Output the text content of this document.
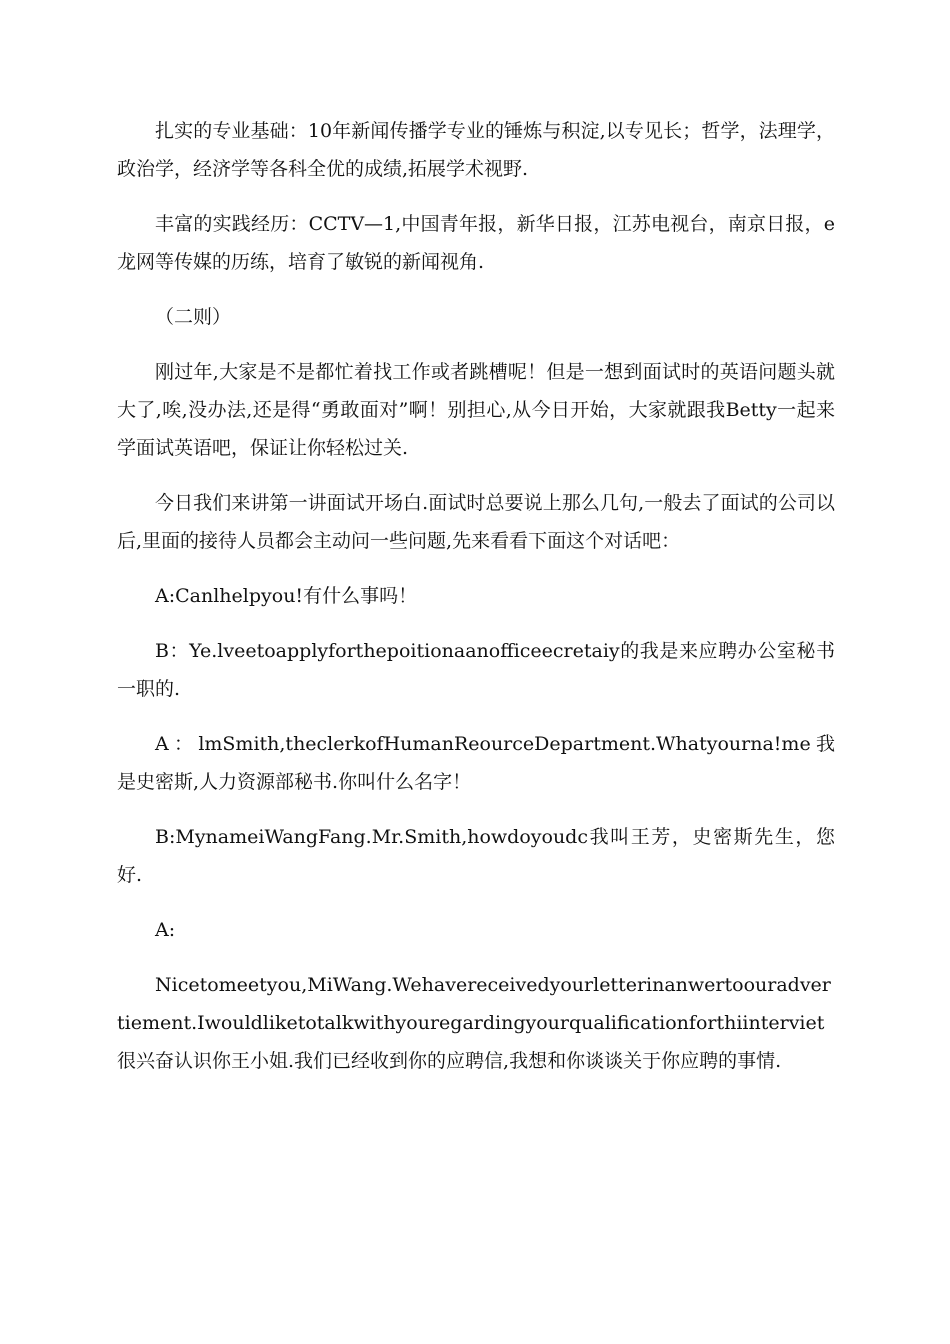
扎实的专业基础：10年新闻传播学专业的锤炼与积淀,以专见长；哲学，法理学，政治学，经济学等各科全优的成绩,拓展学术视野.

丰富的实践经历：CCTV—1,中国青年报，新华日报，江苏电视台，南京日报，e龙网等传媒的历练，培育了敏锐的新闻视角.

（二则）

刚过年,大家是不是都忙着找工作或者跳槽呢！但是一想到面试时的英语问题头就大了,唉,没办法,还是得“勇敢面对”啊！别担心,从今日开始，大家就跟我Betty一起来学面试英语吧，保证让你轻松过关.

今日我们来讲第一讲面试开场白.面试时总要说上那么几句,一般去了面试的公司以后,里面的接待人员都会主动问一些问题,先来看看下面这个对话吧：

A:Canlhelpyou!有什么事吗！

B：Ye.lveetoapplyforthepoitionaanofficeecretaiy的我是来应聘办公室秘书一职的.

A：lmSmith,theclerkofHumanReourceDepartment.Whatyourna!me我是史密斯,人力资源部秘书.你叫什么名字！

B:MynameiWangFang.Mr.Smith,howdoyoudc我叫王芳，史密斯先生，您好.

A:

Nicetomeetyou,MiWang.Wehavereceivedyourletterinanwertoouradvertiement.Iwouldliketotalkwithyouregardingyourqualificationforthiinterviet很兴奋认识你王小姐.我们已经收到你的应聘信,我想和你谈谈关于你应聘的事情.
